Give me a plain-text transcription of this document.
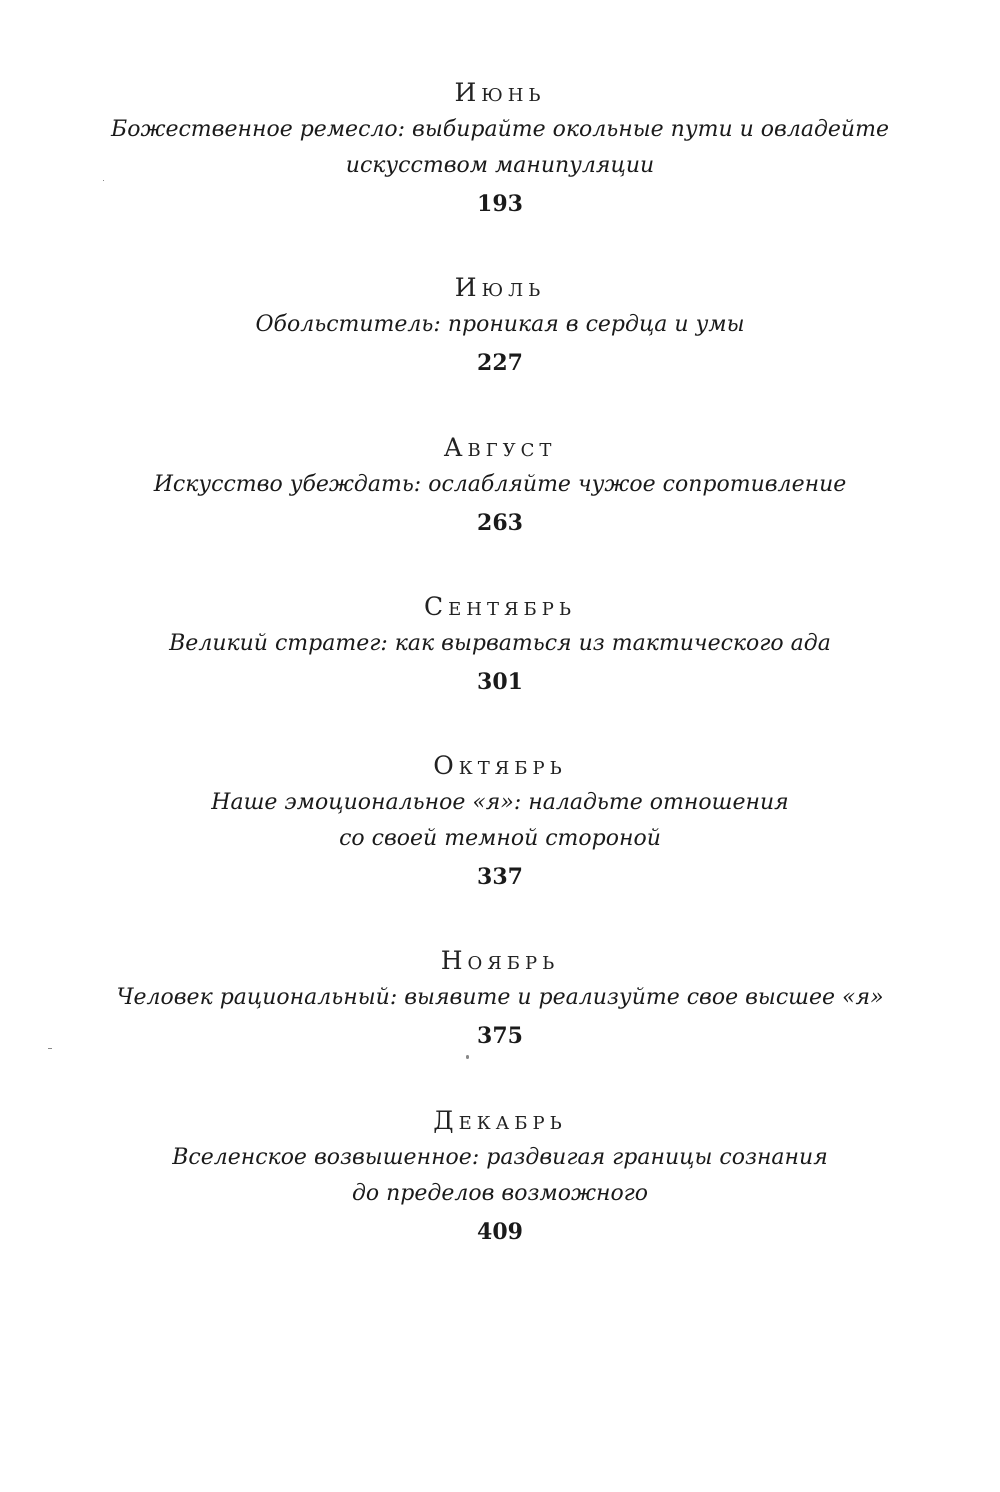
Июнь
Божественное ремесло: выбирайте окольные пути и овладейте
искусством манипуляции
193
Июль
Обольститель: проникая в сердца и умы
227
Август
Искусство убеждать: ослабляйте чужое сопротивление
263
Сентябрь
Великий стратег: как вырваться из тактического ада
301
Октябрь
Наше эмоциональное «я»: наладьте отношения
со своей темной стороной
337
Ноябрь
Человек рациональный: выявите и реализуйте свое высшее «я»
375
Декабрь
Вселенское возвышенное: раздвигая границы сознания
до пределов возможного
409
